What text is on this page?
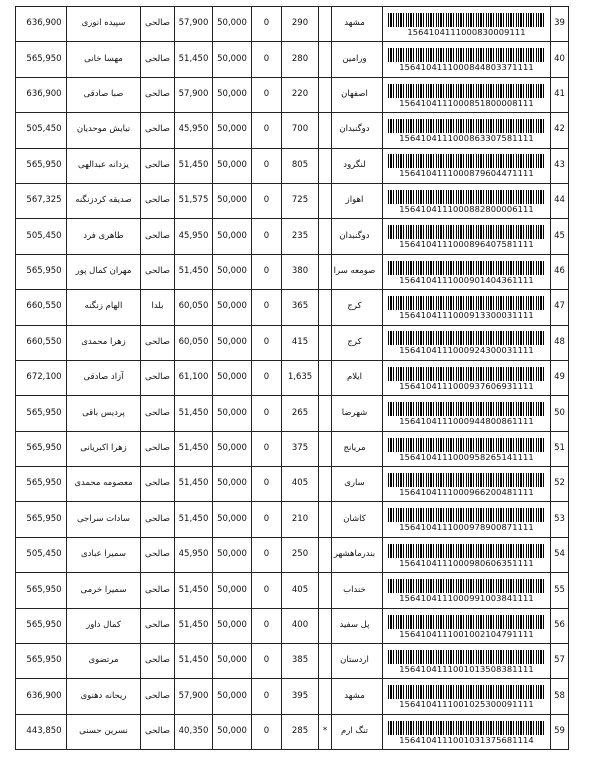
636,900	سپیده انوری	صالحی	57,900	50,000	0	290		مشهد	1564104111000830009111	39
565,950	مهسا خانی	صالحی	51,450	50,000	0	280		ورامین	1564104111000844803371111	40
636,900	صبا صادقی	صالحی	57,900	50,000	0	220		اصفهان	1564104111000851800008111	41
505,450	نیایش موحدیان	صالحی	45,950	50,000	0	700		دوگنبدان	1564104111000863307581111	42
565,950	یزدانه عبدالهی	صالحی	51,450	50,000	0	805		لنگرود	1564104111000879604471111	43
567,325	صدیقه کردزنگنه	صالحی	51,575	50,000	0	725		اهواز	1564104111000882800006111	44
505,450	طاهری فرد	صالحی	45,950	50,000	0	235		دوگنبدان	1564104111000896407581111	45
565,950	مهران کمال پور	صالحی	51,450	50,000	0	380		صومعه سرا	1564104111000901404361111	46
660,550	الهام زنگنه	بلدا	60,050	50,000	0	365		کرج	1564104111000913300031111	47
660,550	زهرا محمدی	صالحی	60,050	50,000	0	415		کرج	1564104111000924300031111	48
672,100	آزاد صادقی	صالحی	61,100	50,000	0	1,635		ایلام	1564104111000937606931111	49
565,950	پردیس باقی	صالحی	51,450	50,000	0	265		شهرضا	1564104111000944800861111	50
565,950	زهرا اکبریانی	صالحی	51,450	50,000	0	375		مریانج	1564104111000958265141111	51
565,950	معصومه محمدی	صالحی	51,450	50,000	0	405		ساری	1564104111000966200481111	52
565,950	سادات سراجی	صالحی	51,450	50,000	0	210		کاشان	1564104111000978900871111	53
505,450	سمیرا عبادی	صالحی	45,950	50,000	0	250		بندرماهشهر	1564104111000980606351111	54
565,950	سمیرا خرمی	صالحی	51,450	50,000	0	405		خنداب	1564104111000991003841111	55
565,950	کمال داور	صالحی	51,450	50,000	0	400		پل سفید	1564104111001002104791111	56
565,950	مرتضوی	صالحی	51,450	50,000	0	385		اردستان	1564104111001013508381111	57
636,900	ریحانه دهنوی	صالحی	57,900	50,000	0	395		مشهد	1564104111001025300091111	58
443,850	نسرین حسنی	صالحی	40,350	50,000	0	285	*	تنگ ارم	1564104111001031375681114	59
